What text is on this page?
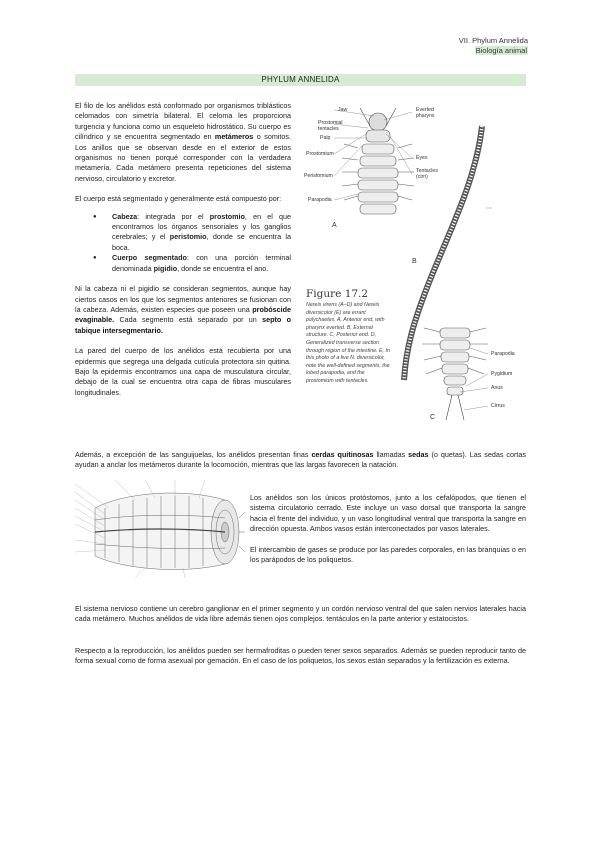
VII. Phylum Annelida
Biología animal
PHYLUM ANNELIDA

El filo de los anélidos está conformado por organismos triblásticos celomados con simetría bilateral. El celoma les proporciona turgencia y funciona como un esqueleto hidrostático. Su cuerpo es cilíndrico y se encuentra segmentado en metámeros o somitos. Los anillos que se observan desde en el exterior de estos organismos no tienen porqué corresponder con la verdadera metamería. Cada metámero presenta repeticiones del sistema nervioso, circulatorio y excretor.

El cuerpo está segmentado y generalmente está compuesto por:

● Cabeza: integrada por el prostomio, en el que encontramos los órganos sensoriales y los ganglios cerebrales; y el peristomio, donde se encuentra la boca.
● Cuerpo segmentado: con una porción terminal denominada pigidio, donde se encuentra el ano.

Ni la cabeza ni el pigidio se consideran segmentos, aunque hay ciertos casos en los que los segmentos anteriores se fusionan con la cabeza. Además, existen especies que poseen una probóscide evaginable. Cada segmento está separado por un septo o tabique intersegmentario.

La pared del cuerpo de los anélidos está recubierta por una epidermis que segrega una delgada cutícula protectora sin quitina. Bajo la epidermis encontramos una capa de musculatura circular, debajo de la cual se encuentra otra capa de fibras musculares longitudinales.

Jaw
Prostomial tentacles
Palp
Prostomium
Peristomium
Parapodia
Everted pharynx
Eyes
Tentacles (cirri)
A
B
C
Parapodia
Pygidium
Anus
Cirrus
Figure 17.2
Nereis virens (A–D) and Nereis diversicolor (E) are errant polychaetes. A, Anterior end, with pharynx everted. B, External structure. C, Posterior end. D, Generalized transverse section through region of the intestine. E, In this photo of a live N. diversicolor, note the well-defined segments, the lobed parapodia, and the prostomium with tentacles.

Además, a excepción de las sanguijuelas, los anélidos presentan finas cerdas quitinosas llamadas sedas (o quetas). Las sedas cortas ayudan a anclar los metámeros durante la locomoción, mientras que las largas favorecen la natación.

Los anélidos son los únicos protóstomos, junto a los cefalópodos, que tienen el sistema circulatorio cerrado. Este incluye un vaso dorsal que transporta la sangre hacia el frente del individuo, y un vaso longitudinal ventral que transporta la sangre en dirección opuesta. Ambos vasos están interconectados por vasos laterales.

El intercambio de gases se produce por las paredes corporales, en las branquias o en los parápodos de los poliquetos.

El sistema nervioso contiene un cerebro ganglionar en el primer segmento y un cordón nervioso ventral del que salen nervios laterales hacia cada metámero. Muchos anélidos de vida libre además tienen ojos complejos. tentáculos en la parte anterior y estatocistos.

Respecto a la reproducción, los anélidos pueden ser hermafroditas o pueden tener sexos separados. Además se pueden reproducir tanto de forma sexual como de forma asexual por gemación. En el caso de los poliquetos, los sexos están separados y la fertilización es externa.
